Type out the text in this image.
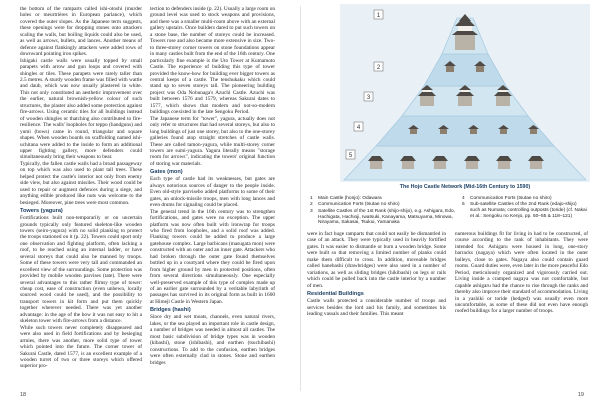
the bottom of the ramparts called ishi-otoshi (murder holes or meurtrières in European parlance), which covered the outer slopes. As the Japanese term suggests, these openings were for dropping stones onto attackers scaling the walls, but boiling liquids could also be used, as well as arrows, bullets, and lances. Another means of defence against flankingly attackers were added rows of downward pointing iron spikes.

Ishigaki castle walls were usually topped by small parapets with arrow and gun loops and covered with shingles or tiles. These parapets were rarely taller than 2.5 metres. A sturdy wooden frame was filled with wattle and daub, which was now usually plastered in white. This not only constituted an aesthetic improvement over the earlier, natural brownish-yellow colour of such structures, the plaster also added some protection against fire-arrows. Using ceramic tiles for all buildings instead of wooden shingles or thatching also contributed to fire-resilience. The walls' loopholes for teppo (handguns) and yumi (bows) came in round, triangular and square shapes. When wooden boards on scaffolding named ishi-uchitana were added to the inside to form an additional upper fighting gallery, more defenders could simultaneously bring their weapons to bear.

Typically, the fallen castle walls had a broad passageway on top which was also used to plant tall trees. These helped protect the castle's interior not only from enemy side view, but also against missiles. Their wood could be used to repair or augment defences during a siege, and anything edible produced like nuts was welcome to the besieged. Moreover, pine trees were most common.

Towers (yagura)

Fortifications built non-temporarily or on uncertain grounds typically only featured skeleton-like wooden towers (seiro-yagura) with no solid planking to protect the troops stationed on it (p. 22). Towers could sport only one observation and fighting platform, often lacking a roof, to be reached using an internal ladder, or have several storeys that could also be manned by troops. Some of these towers were very tall and commanded an excellent view of the surroundings. Some protection was provided by mobile wooden parvises (tate). There were several advantages to this rather flimsy type of tower: cheap cost, ease of construction (even unhewn, locally sourced wood could be used), and the possibility to transport towers in kit form and put them quickly together wherever needed. There was yet another advantage: in the age of the bow it was not easy to hit a skeleton tower with fire-arrows from a distance.

While such towers never completely disappeared and were also used in field fortifications and by besieging armies, there was another, more solid type of tower which pointed into the future. The corner tower of Sakurai Castle, dated 1577, is an excellent example of a wooden turret of two or three storeys which offered superior pro-

tection to defenders inside (p. 22). Usually a large room on ground level was used to stock weapons and provisions, and there was a smaller multi-room above with an external gallery upstairs. Once builders dared to put such towers on a stone base, the number of storeys could be increased. Towers rose and also became more extensive in size. Two- to three-storey corner towers on stone foundations appear in many castles built from the end of the 16th century. One particularly fine example is the Uto Tower at Kumamoto Castle. The experience of building this type of tower provided the know-how for building ever bigger towers as central keeps of a castle. The tenshukaku which could stand up to seven storeys tall. The pioneering building project was Oda Nobunaga's Azuchi Castle. Azuchi was built between 1576 and 1579, whereas Sakurai dates to 1577, which shows that modern and not-so-modern buildings coexisted in the late Sengoku Period.

The Japanese term for "tower", yagura, actually does not only refer to structures that had several storeys, but also to long buildings of just one storey, but also to the one-storey galleries found atop straight stretches of castle walls. These are called tamon-yagura, while multi-storey corner towers are sumi-yagura. Yagura literally means "storage room for arrows", indicating the towers' original function of storing war materials.

Gates (mon)

Each type of castle had its weaknesses, but gates are always notorious sources of danger to the people inside. Even old-style parvisebo added platforms to some of their gates, an unlock-missile troops, men with long lances and even drums for signaling could be placed.

The general trend in the 16th century was to strengthen fortifications, and gates were no exception. The upper platform was now often built with ironwrap for troops who fired from loopholes, and a solid roof was added. Flanking towers could be added to produce a large gatehouse complex. Large barbicans (masugata mon) were constructed with an outer and an inner gate. Attackers who had broken through the outer gate found themselves bottled up in a courtyard where they could be fired upon from higher ground by men in protected positions, often from several directions simultaneously. One especially well-preserved example of this type of complex made up of an earlier gate surrounded by a veritable labyrinth of passages has survived in its original form as built in 1600 at Himeji Castle in Western Japan.

Bridges (hashi)

Since dry and wet moats, channels, even natural rivers, lakes, or the sea played an important role in castle design, a number of bridges was needed in almost all castles. The most basic subdivision of bridge types was in wooden (kibashi), stone (ishibashi), and earthen (tsuchibashi) constructions. To add to the confusion, earthen bridges were often externally clad in stones. Stone and earthen bridges

18
1
2
3
4
5
The Hojo Castle Network (Mid-16th Century to 1590)
1	Main Castle (honjo): Odawara
2	Communication Forts (tsutae no shiro)
3	Satellite Castles of the 1st Rank (shijo-shijo), e.g. Ashigara, Edo, Hachigata, Hachioji, Iwatsuki, Kanayama, Matsuyama, Minowa, Nirayama, Sakasai, Tsukui, Yamanaka
4	Communication Forts (tsutae no shiro)
5	Sub-satellite Castles of the 2nd Rank (edajo-shijo) such as Numata; controlling outposts (toride) (cf. Nakai et al.: Sengoku no Kenjo, pp. 50–55 & 118–121)

were in fact huge ramparts that could not easily be dismantled in case of an attack. They were typically used in heavily fortified gates. It was easier to dismantle or burn a wooden bridge. Some were built so that removing a limited number of planks could make them difficult to cross. In addition, moveable bridges called hanebashi (drawbridges) were also used in a number of variations, as well as sliding bridges (hikibashi) on legs or rails which could be pulled back into the castle interior by a number of men.

Residential Buildings

Castle walls protected a considerable number of troops and services besides the lord and his family, and sometimes his leading vassals and their families. This meant

numerous buildings fit for living in had to be constructed, of course according to the rank of inhabitants. They were intended for. Ashigaru were housed in long, one-story barracks (nagaya) which were often located in the outer baileys, close to gates. Nagaya also could contain guard rooms. Guard duties were, even later in the more peaceful Edo Period, meticulously organized and vigorously carried out. Living inside a cramped nagaya was not comfortable, but capable ashigaru had the chance to rise through the ranks and thereby also improve their standard of accommodation. Living in a yashiki or toride (hedged) was usually even more uncomfortable, as some of these did not even have enough roofed buildings for a larger number of troops.

19
